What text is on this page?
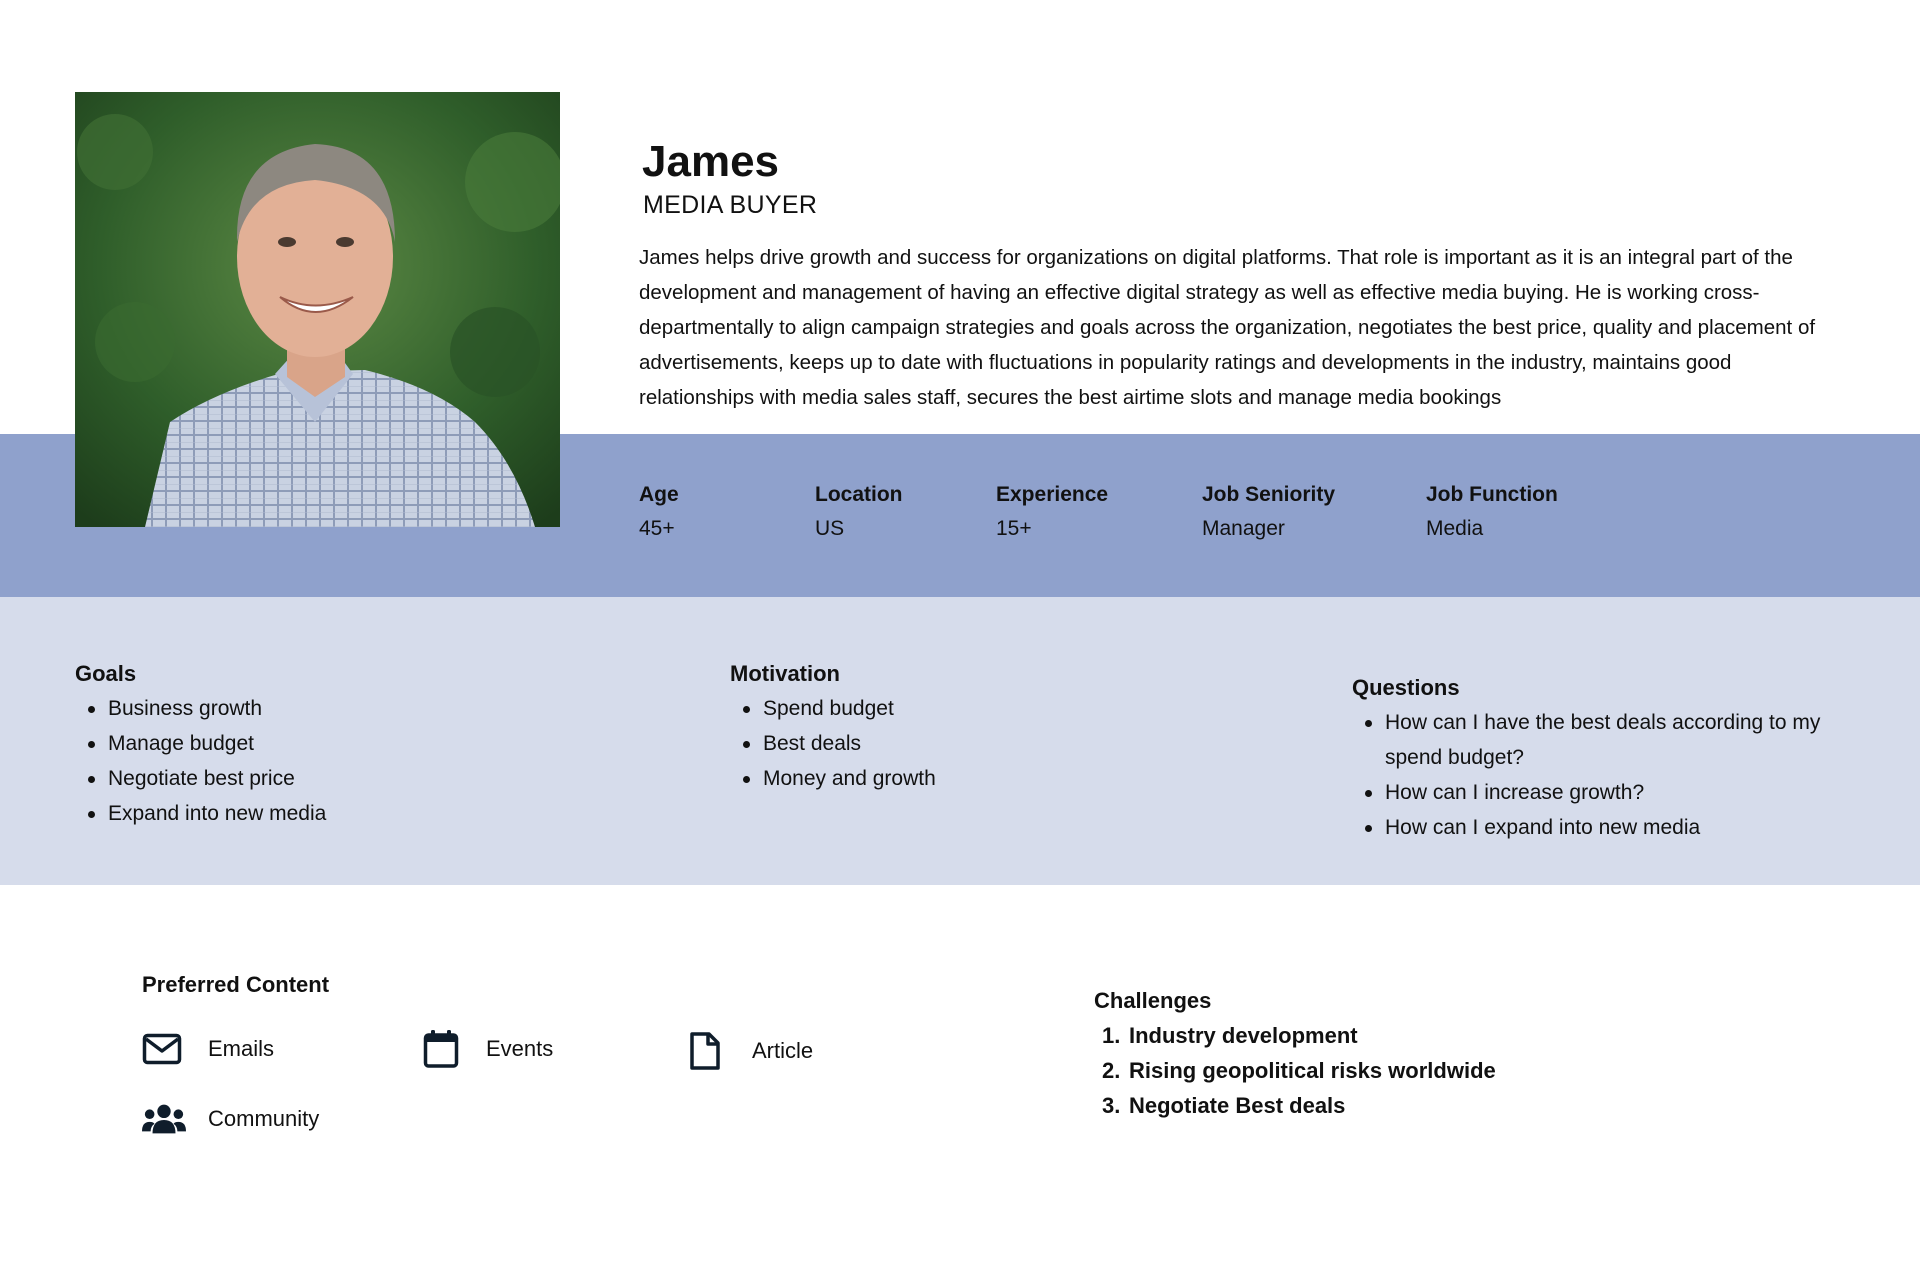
James
MEDIA BUYER

James helps drive growth and success for organizations on digital platforms. That role is important as it is an integral part of the development and management of having an effective digital strategy as well as effective media buying. He is working cross-departmentally to align campaign strategies and goals across the organization, negotiates the best price, quality and placement of advertisements, keeps up to date with fluctuations in popularity ratings and developments in the industry, maintains good relationships with media sales staff, secures the best airtime slots and manage media bookings

Age
45+
Location
US
Experience
15+
Job Seniority
Manager
Job Function
Media
Goals
Business growth
Manage budget
Negotiate best price
Expand into new media
Motivation
Spend budget
Best deals
Money and growth
Questions
How can I have the best deals according to my spend budget?
How can I increase growth?
How can I expand into new media
Preferred Content
Emails	Events	Article
Community
Challenges
1. Industry development
2. Rising geopolitical risks worldwide
3. Negotiate Best deals
